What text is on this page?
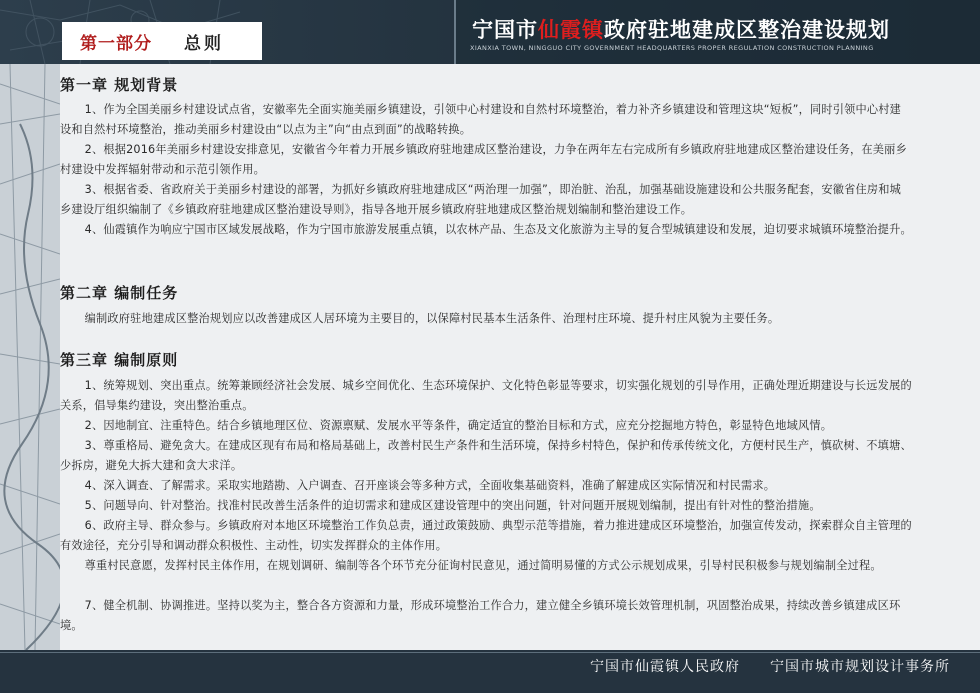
第一部分 总则
宁国市仙霞镇政府驻地建成区整治建设规划
XIANXIA TOWN, NINGGUO CITY GOVERNMENT HEADQUARTERS PROPER REGULATION CONSTRUCTION PLANNING
第一章 规划背景
1、作为全国美丽乡村建设试点省，安徽率先全面实施美丽乡镇建设，引领中心村建设和自然村环境整治，着力补齐乡镇建设和管理这块“短板”，同时引领中心村建设和自然村环境整治，推动美丽乡村建设由“以点为主”向“由点到面”的战略转换。
2、根据2016年美丽乡村建设安排意见，安徽省今年着力开展乡镇政府驻地建成区整治建设，力争在两年左右完成所有乡镇政府驻地建成区整治建设任务，在美丽乡村建设中发挥辐射带动和示范引领作用。
3、根据省委、省政府关于美丽乡村建设的部署，为抓好乡镇政府驻地建成区“两治理一加强”，即治脏、治乱，加强基础设施建设和公共服务配套，安徽省住房和城乡建设厅组织编制了《乡镇政府驻地建成区整治建设导则》，指导各地开展乡镇政府驻地建成区整治规划编制和整治建设工作。
4、仙霞镇作为响应宁国市区域发展战略，作为宁国市旅游发展重点镇，以农林产品、生态及文化旅游为主导的复合型城镇建设和发展，迫切要求城镇环境整治提升。
第二章 编制任务
编制政府驻地建成区整治规划应以改善建成区人居环境为主要目的，以保障村民基本生活条件、治理村庄环境、提升村庄风貌为主要任务。
第三章 编制原则
1、统筹规划、突出重点。统筹兼顾经济社会发展、城乡空间优化、生态环境保护、文化特色彰显等要求，切实强化规划的引导作用，正确处理近期建设与长远发展的关系，倡导集约建设，突出整治重点。
2、因地制宜、注重特色。结合乡镇地理区位、资源禀赋、发展水平等条件，确定适宜的整治目标和方式，应充分挖掘地方特色，彰显特色地域风情。
3、尊重格局、避免贪大。在建成区现有布局和格局基础上，改善村民生产条件和生活环境，保持乡村特色，保护和传承传统文化，方便村民生产，慎砍树、不填塘、少拆房，避免大拆大建和贪大求洋。
4、深入调查、了解需求。采取实地踏勘、入户调查、召开座谈会等多种方式，全面收集基础资料，准确了解建成区实际情况和村民需求。
5、问题导向、针对整治。找准村民改善生活条件的迫切需求和建成区建设管理中的突出问题，针对问题开展规划编制，提出有针对性的整治措施。
6、政府主导、群众参与。乡镇政府对本地区环境整治工作负总责，通过政策鼓励、典型示范等措施，着力推进建成区环境整治，加强宣传发动，探索群众自主管理的有效途径，充分引导和调动群众积极性、主动性，切实发挥群众的主体作用。
尊重村民意愿，发挥村民主体作用，在规划调研、编制等各个环节充分征询村民意见，通过简明易懂的方式公示规划成果，引导村民积极参与规划编制全过程。
7、健全机制、协调推进。坚持以奖为主，整合各方资源和力量，形成环境整治工作合力，建立健全乡镇环境长效管理机制，巩固整治成果，持续改善乡镇建成区环境。
宁国市仙霞镇人民政府 宁国市城市规划设计事务所
